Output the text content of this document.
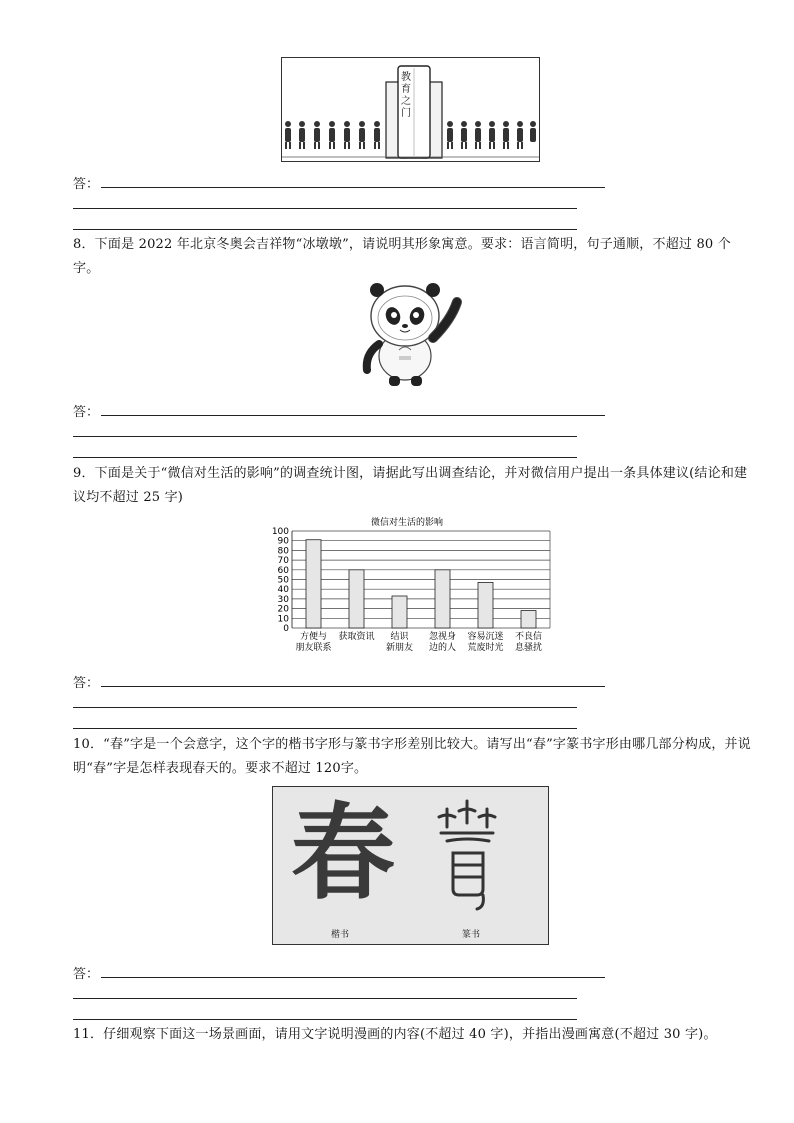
教
育
之
门
答：
8．下面是 2022 年北京冬奥会吉祥物“冰墩墩”，请说明其形象寓意。要求：语言简明，句子通顺，不超过 80 个字。
答：
9．下面是关于“微信对生活的影响”的调查统计图，请据此写出调查结论，并对微信用户提出一条具体建议(结论和建议均不超过 25 字)
微信对生活的影响
100
90
80
70
60
50
40
30
20
10
0
方便与
朋友联系
获取资讯 结识
新朋友
忽视身
边的人
容易沉迷
荒废时光
不良信
息骚扰
答：
10．“春”字是一个会意字，这个字的楷书字形与篆书字形差别比较大。请写出“春”字篆书字形由哪几部分构成，并说明“春”字是怎样表现春天的。要求不超过 120字。
春
楷书	篆书
答：
11．仔细观察下面这一场景画面，请用文字说明漫画的内容(不超过 40 字)，并指出漫画寓意(不超过 30 字)。
